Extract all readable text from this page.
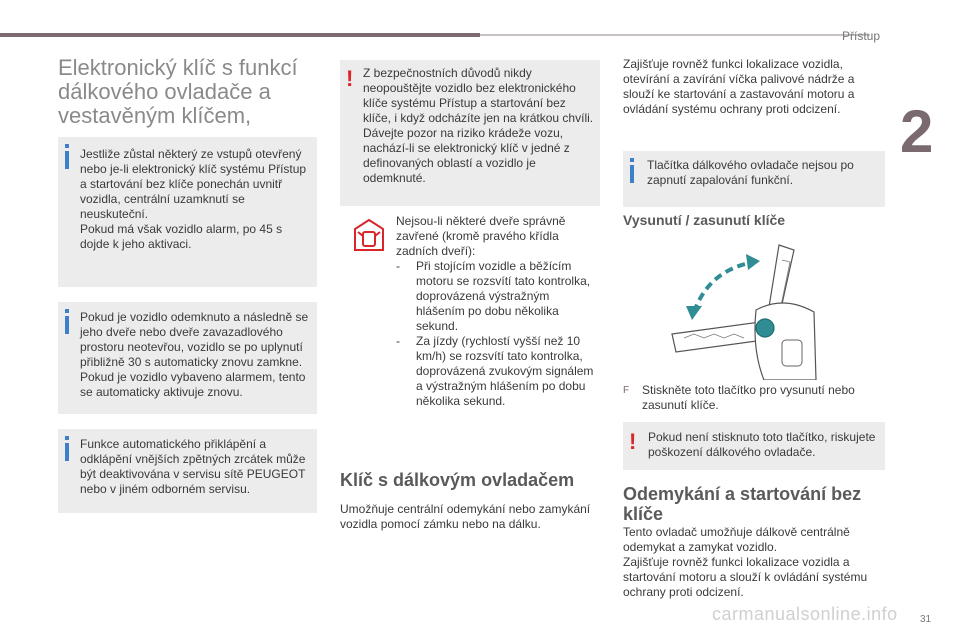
Přístup
2
Elektronický klíč s funkcí dálkového ovladače a vestavěným klíčem,

Jestliže zůstal některý ze vstupů otevřený nebo je-li elektronický klíč systému Přístup a startování bez klíče ponechán uvnitř vozidla, centrální uzamknutí se neuskuteční.
Pokud má však vozidlo alarm, po 45 s dojde k jeho aktivaci.

Pokud je vozidlo odemknuto a následně se jeho dveře nebo dveře zavazadlového prostoru neotevřou, vozidlo se po uplynutí přibližně 30 s automaticky znovu zamkne. Pokud je vozidlo vybaveno alarmem, tento se automaticky aktivuje znovu.

Funkce automatického přiklápění a odklápění vnějších zpětných zrcátek může být deaktivována v servisu sítě PEUGEOT nebo v jiném odborném servisu.

! Z bezpečnostních důvodů nikdy neopouštějte vozidlo bez elektronického klíče systému Přístup a startování bez klíče, i když odcházíte jen na krátkou chvíli.
Dávejte pozor na riziko krádeže vozu, nachází-li se elektronický klíč v jedné z definovaných oblastí a vozidlo je odemknuté.

Nejsou-li některé dveře správně zavřené (kromě pravého křídla zadních dveří):
- Při stojícím vozidle a běžícím motoru se rozsvítí tato kontrolka, doprovázená výstražným hlášením po dobu několika sekund.
- Za jízdy (rychlostí vyšší než 10 km/h) se rozsvítí tato kontrolka, doprovázená zvukovým signálem a výstražným hlášením po dobu několika sekund.
Klíč s dálkovým ovladačem
Umožňuje centrální odemykání nebo zamykání vozidla pomocí zámku nebo na dálku.
Zajišťuje rovněž funkci lokalizace vozidla, otevírání a zavírání víčka palivové nádrže a slouží ke startování a zastavování motoru a ovládání systému ochrany proti odcizení.

Tlačítka dálkového ovladače nejsou po zapnutí zapalování funkční.

Vysunutí / zasunutí klíče
F Stiskněte toto tlačítko pro vysunutí nebo zasunutí klíče.
! Pokud není stisknuto toto tlačítko, riskujete poškození dálkového ovladače.

Odemykání a startování bez klíče
Tento ovladač umožňuje dálkově centrálně odemykat a zamykat vozidlo.
Zajišťuje rovněž funkci lokalizace vozidla a startování motoru a slouží k ovládání systému ochrany proti odcizení.
carmanualsonline.info 31
